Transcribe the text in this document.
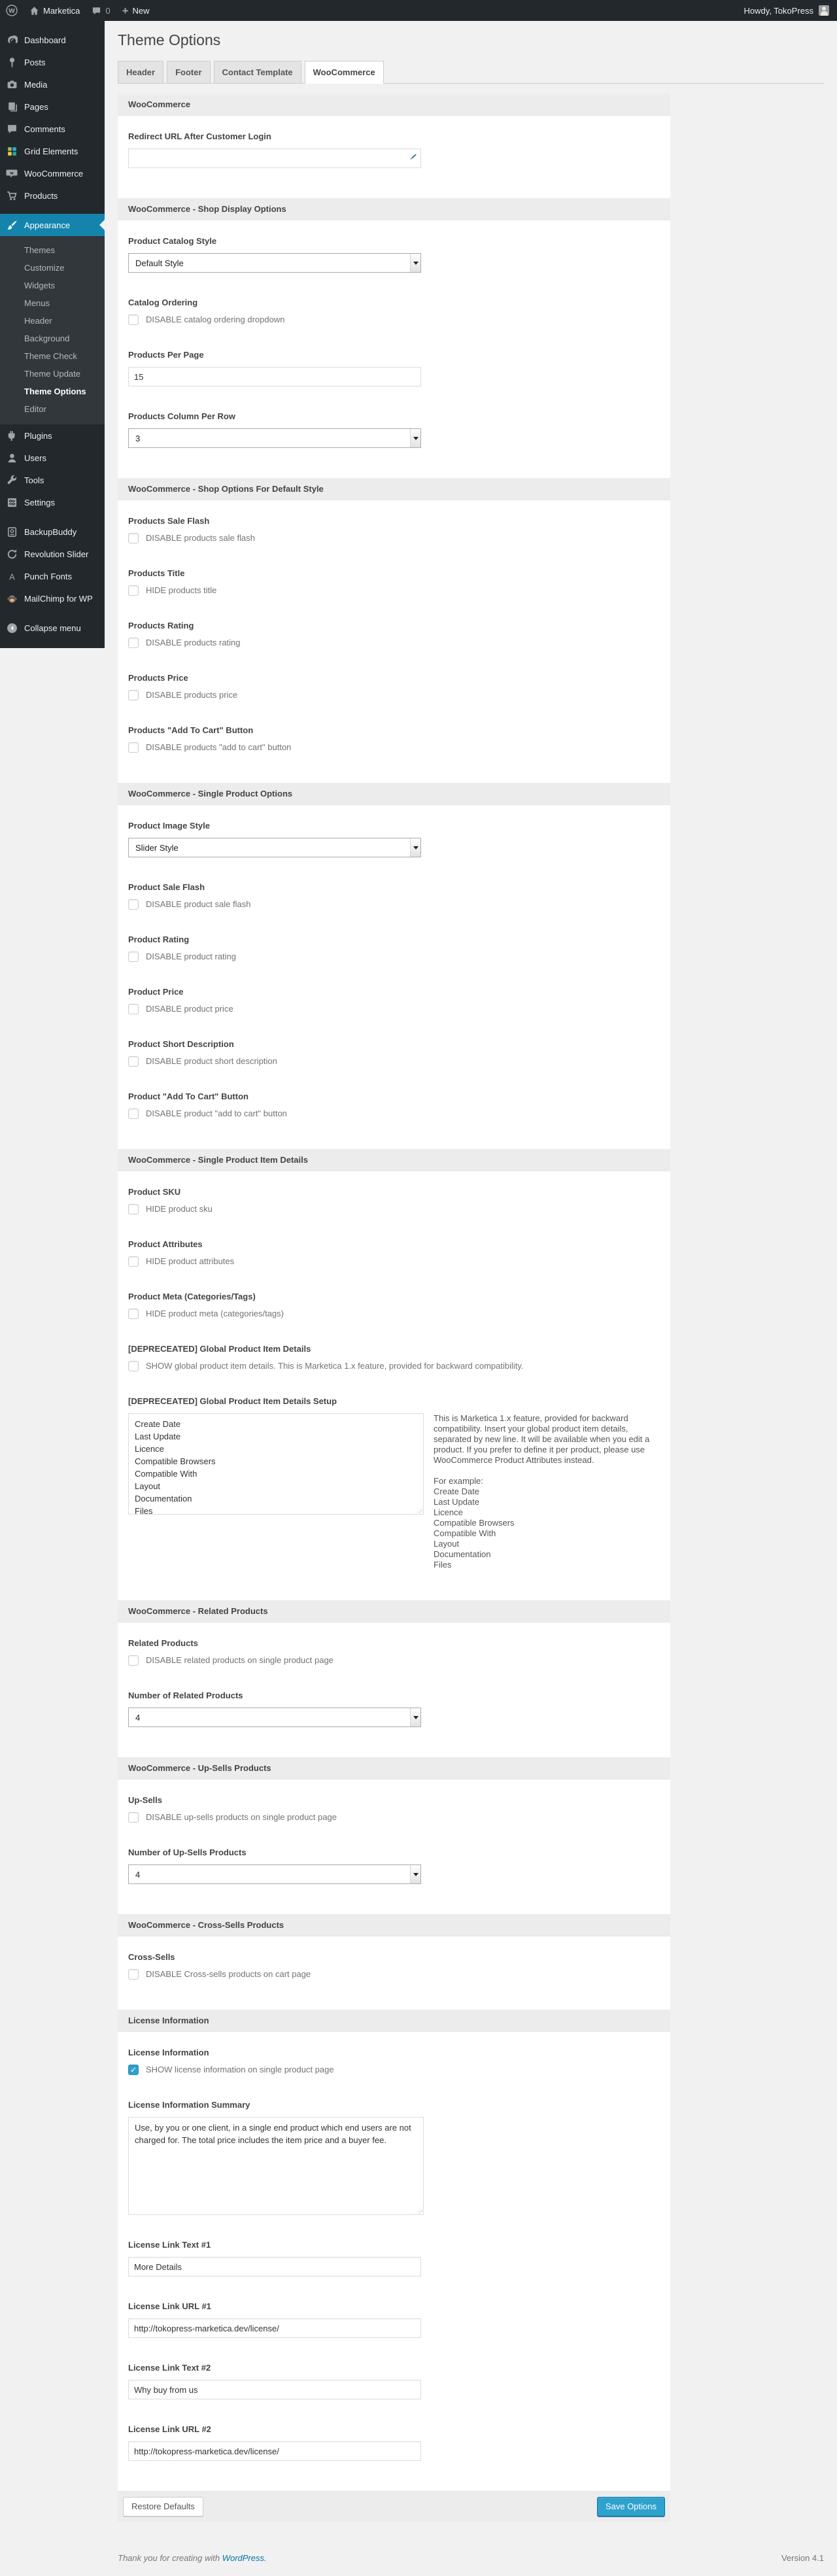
W	Marketica	0 + New	Howdy, TokoPress
Dashboard
Posts
Media
Pages
Comments
Grid Elements
w WooCommerce
Products
Appearance
Themes
Customize
Widgets
Menus
Header
Background
Theme Check
Theme Update
Theme Options
Editor
Plugins
Users
Tools
Settings
BackupBuddy
Revolution Slider
A Punch Fonts
MailChimp for WP
Collapse menu
Theme Options
Header Footer Contact Template WooCommerce
WooCommerce
Redirect URL After Customer Login
WooCommerce - Shop Display Options
Product Catalog Style
Default Style
Catalog Ordering
DISABLE catalog ordering dropdown
Products Per Page
15
Products Column Per Row
3
WooCommerce - Shop Options For Default Style
Products Sale Flash
DISABLE products sale flash
Products Title
HIDE products title
Products Rating
DISABLE products rating
Products Price
DISABLE products price
Products "Add To Cart" Button
DISABLE products "add to cart" button
WooCommerce - Single Product Options
Product Image Style
Slider Style
Product Sale Flash
DISABLE product sale flash
Product Rating
DISABLE product rating
Product Price
DISABLE product price
Product Short Description
DISABLE product short description
Product "Add To Cart" Button
DISABLE product "add to cart" button
WooCommerce - Single Product Item Details
Product SKU
HIDE product sku
Product Attributes
HIDE product attributes
Product Meta (Categories/Tags)
HIDE product meta (categories/tags)
[DEPRECEATED] Global Product Item Details
SHOW global product item details. This is Marketica 1.x feature, provided for backward compatibility.
[DEPRECEATED] Global Product Item Details Setup
Create Date Last Update Licence Compatible Browsers Compatible With Layout Documentation Files
This is Marketica 1.x feature, provided for backward compatibility. Insert your global product item details, separated by new line. It will be available when you edit a product. If you prefer to define it per product, please use WooCommerce Product Attributes instead.
For example:
Create Date
Last Update
Licence
Compatible Browsers
Compatible With
Layout
Documentation
Files
WooCommerce - Related Products
Related Products
DISABLE related products on single product page
Number of Related Products
4
WooCommerce - Up-Sells Products
Up-Sells
DISABLE up-sells products on single product page
Number of Up-Sells Products
4
WooCommerce - Cross-Sells Products
Cross-Sells
DISABLE Cross-sells products on cart page
License Information
License Information
✓ SHOW license information on single product page
License Information Summary
Use, by you or one client, in a single end product which end users are not charged for. The total price includes the item price and a buyer fee.
License Link Text #1
More Details
License Link URL #1
http://tokopress-marketica.dev/license/
License Link Text #2
Why buy from us
License Link URL #2
http://tokopress-marketica.dev/license/
Restore Defaults	Save Options
Thank you for creating with WordPress.	Version 4.1
